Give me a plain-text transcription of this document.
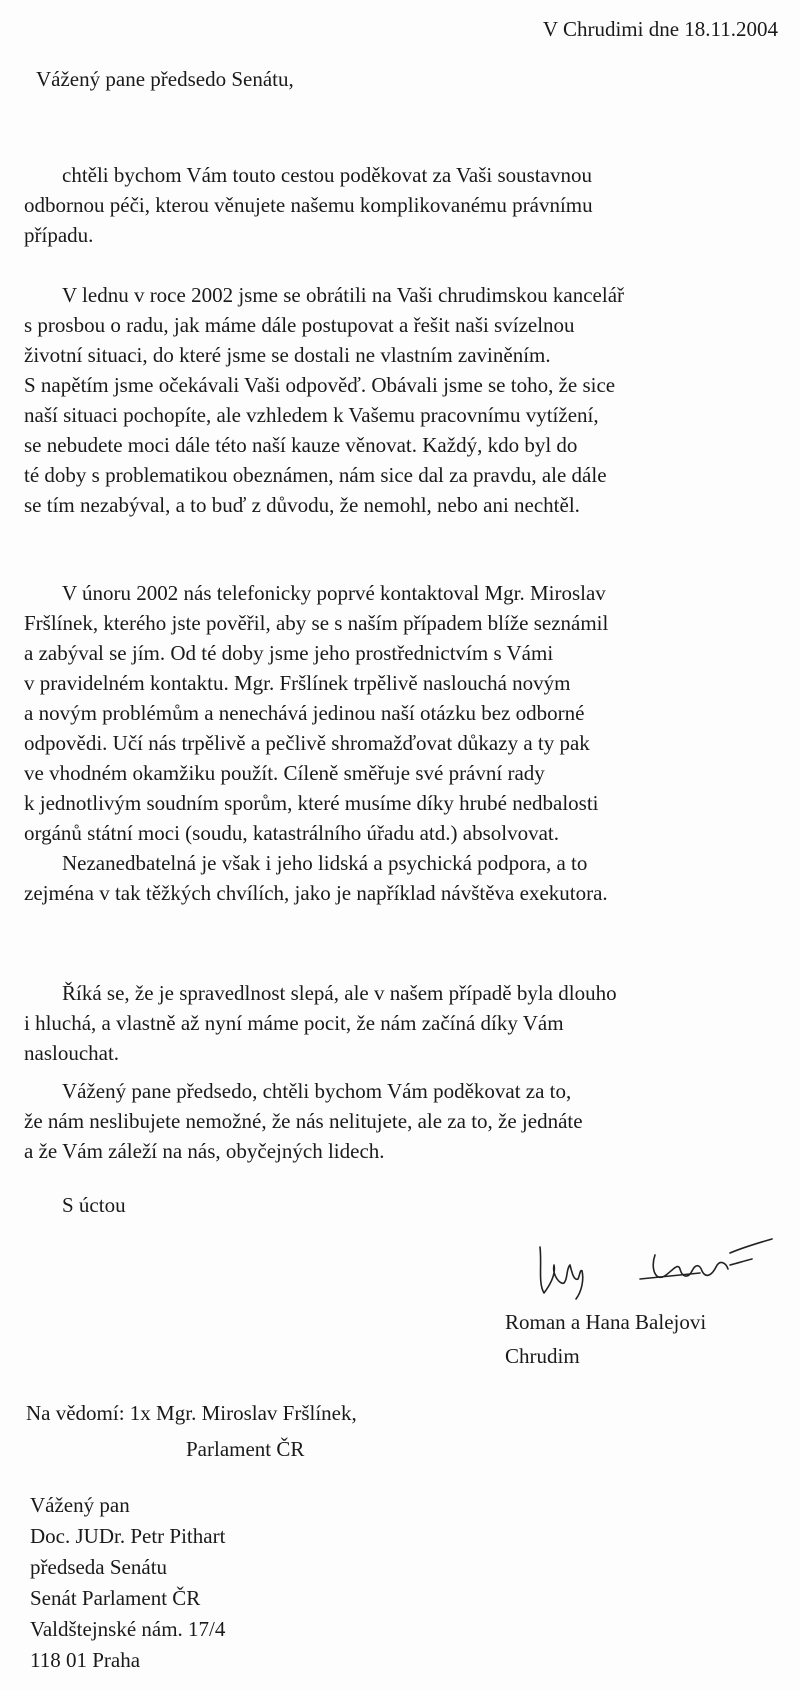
V Chrudimi dne 18.11.2004
Vážený pane předsedo Senátu,
chtěli bychom Vám touto cestou poděkovat za Vaši soustavnou
odbornou péči, kterou věnujete našemu komplikovanému právnímu
případu.
V lednu v roce 2002 jsme se obrátili na Vaši chrudimskou kancelář
s prosbou o radu, jak máme dále postupovat a řešit naši svízelnou
životní situaci, do které jsme se dostali ne vlastním zaviněním.
S napětím jsme očekávali Vaši odpověď. Obávali jsme se toho, že sice
naší situaci pochopíte, ale vzhledem k Vašemu pracovnímu vytížení,
se nebudete moci dále této naší kauze věnovat. Každý, kdo byl do
té doby s problematikou obeznámen, nám sice dal za pravdu, ale dále
se tím nezabýval, a to buď z důvodu, že nemohl, nebo ani nechtěl.
V únoru 2002 nás telefonicky poprvé kontaktoval Mgr. Miroslav
Fršlínek, kterého jste pověřil, aby se s naším případem blíže seznámil
a zabýval se jím. Od té doby jsme jeho prostřednictvím s Vámi
v pravidelném kontaktu. Mgr. Fršlínek trpělivě naslouchá novým
a novým problémům a nenechává jedinou naší otázku bez odborné
odpovědi. Učí nás trpělivě a pečlivě shromažďovat důkazy a ty pak
ve vhodném okamžiku použít. Cíleně směřuje své právní rady
k jednotlivým soudním sporům, které musíme díky hrubé nedbalosti
orgánů státní moci (soudu, katastrálního úřadu atd.) absolvovat.
Nezanedbatelná je však i jeho lidská a psychická podpora, a to
zejména v tak těžkých chvílích, jako je například návštěva exekutora.
Říká se, že je spravedlnost slepá, ale v našem případě byla dlouho
i hluchá, a vlastně až nyní máme pocit, že nám začíná díky Vám
naslouchat.
Vážený pane předsedo, chtěli bychom Vám poděkovat za to,
že nám neslibujete nemožné, že nás nelitujete, ale za to, že jednáte
a že Vám záleží na nás, obyčejných lidech.
S úctou
Roman a Hana Balejovi
Chrudim
Na vědomí: 1x Mgr. Miroslav Fršlínek,
Parlament ČR
Vážený pan
Doc. JUDr. Petr Pithart
předseda Senátu
Senát Parlament ČR
Valdštejnské nám. 17/4
118 01 Praha
